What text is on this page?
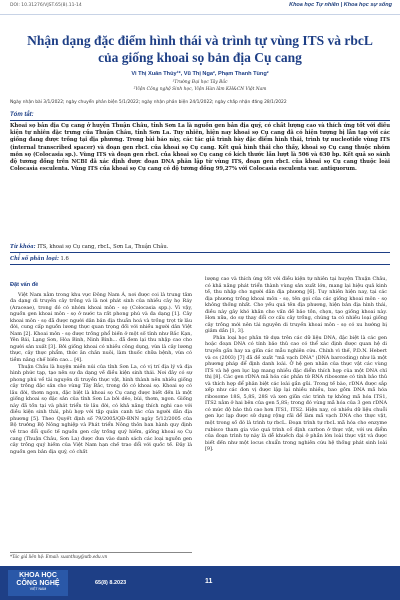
DOI: 10.31276/VJST.65(8).11-14	Khoa học Tự nhiên | Khoa học sự sống
Nhận dạng đặc điểm hình thái và trình tự vùng ITS và rbcL của giống khoai sọ bản địa Cụ cang
Vi Thị Xuân Thủy¹*, Vũ Thị Nga², Phạm Thanh Tùng²
¹Trường Đại học Tây Bắc
²Viện Công nghệ Sinh học, Viện Hàn lâm KH&CN Việt Nam
Ngày nhận bài 3/1/2022; ngày chuyển phản biện 5/1/2022; ngày nhận phản biện 24/1/2022; ngày chấp nhận đăng 28/1/2022
Tóm tắt:
Khoai sọ bản địa Cụ cang ở huyện Thuận Châu, tỉnh Sơn La là nguồn gen bản địa quý, có chất lượng cao và thích ứng tốt với điều kiện tự nhiên đặc trưng của Thuận Châu, tỉnh Sơn La. Tuy nhiên, hiện nay khoai sọ Cụ cang đã có hiện tượng bị lẫn tạp với các giống đang được trồng tại địa phương. Trong bài báo này, các tác giả trình bày đặc điểm hình thái, trình tự nucleotide vùng ITS (internal transcribed spacer) và đoạn gen rbcL của khoai sọ Cụ cang. Kết quả hình thái cho thấy, khoai sọ Cụ cang thuộc nhóm môn sọ (Colocasia sp.). Vùng ITS và đoạn gen rbcL của khoai sọ Cụ cang có kích thước lần lượt là 506 và 630 bp. Kết quả so sánh độ tương đồng trên NCBI đã xác định được đoạn DNA phân lập từ vùng ITS, đoạn gen rbcL của khoai sọ Cụ cang thuộc loài Colocasia esculenta. Vùng ITS của khoai sọ Cụ cang có độ tương đồng 99,27% với Colocasia esculenta var. antiquorum.
Từ khóa: ITS, khoai sọ Cụ cang, rbcL, Sơn La, Thuận Châu.
Chỉ số phân loại: 1.6
Đặt vấn đề

Việt Nam nằm trong khu vực Đông Nam Á, nơi được coi là trung tâm đa dạng di truyền cây trồng và là nơi phát sinh của nhiều cây họ Ráy (Araceae), trong đó có nhóm khoai môn - sọ (Colocasia spp.). Vì vậy, nguồn gen khoai môn - sọ ở nước ta rất phong phú và đa dạng [1]. Cây khoai môn - sọ đã được người dân bản địa thuần hoá và trồng trọt từ lâu đời, cung cấp nguồn lương thực quan trọng đối với nhiều người dân Việt Nam [2]. Khoai môn - sọ được trồng phổ biến ở một số tỉnh như Bắc Kạn, Yên Bái, Lạng Sơn, Hòa Bình, Ninh Bình... đã đem lại thu nhập cao cho người sản xuất [3]. Bởi giống khoai có nhiều công dụng, vừa là cây lương thực, cây thực phẩm, thức ăn chăn nuôi, làm thuốc chữa bệnh, vừa có tiềm năng chế biến cao... [4].

Thuận Châu là huyện miền núi của tỉnh Sơn La, có vị trí địa lý và địa hình phức tạp, tạo nên sự đa dạng về điều kiện sinh thái. Nơi đây có sự phong phú về tài nguyên di truyền thực vật, hình thành nên nhiều giống cây trồng đặc sản cho vùng Tây Bắc, trong đó có khoai sọ. Khoai sọ có lâu đời, thơm ngon, đặc biệt là khoai sọ Cụ cang được biết đến là một giống khoai sọ đặc sản của tỉnh Sơn La bởi dẻo, bùi, thơm, ngon. Giống này đã tồn tại và phát triển từ lâu đời, có khả năng thích nghi cao với điều kiện sinh thái, phù hợp với tập quán canh tác của người dân địa phương [5]. Theo Quyết định số 79/2005/QĐ-BNN ngày 5/12/2005 của Bộ trưởng Bộ Nông nghiệp và Phát triển Nông thôn ban hành quy định về trao đổi quốc tế nguồn gen cây trồng quý hiếm, giống khoai sọ Cụ cang (Thuận Châu, Sơn La) được đưa vào danh sách các loại nguồn gen cây trồng quý hiếm của Việt Nam hạn chế trao đổi với quốc tế. Đây là nguồn gen bản địa quý, có chất

lượng cao và thích ứng tốt với điều kiện tự nhiên tại huyện Thuận Châu, có khả năng phát triển thành vùng sản xuất lớn, mang lại hiệu quả kinh tế, thu nhập cho người dân địa phương [6]. Tuy nhiên hiện nay, tại các địa phương trồng khoai môn - sọ, tên gọi của các giống khoai môn - sọ không thống nhất. Cho yếu quá tên địa phương, hiện bản địa hình thái, điều này gây khó khăn cho vấn đề bảo tồn, chọn, tạo giống khoai này. Hơn nữa, do sự thay đổi cơ cấu cây trồng, chúng ta có nhiều loại giống cây trồng mới nên tài nguyên di truyền khoai môn - sọ có xu hướng bị giảm dần [1, 3].

Phân loại học phân tử dựa trên các dữ liệu DNA, đặc biệt là các gen hoặc đoạn DNA có tính bảo thủ cao có thể xác định được quan hệ di truyền gần hay xa giữa các mẫu nghiên cứu. Chính vì thế, P.D.N. Hebert và cs (2003) [7] đã đề xuất "mã vạch DNA" (DNA barcoding) như là một phương pháp để định danh loài. Ở hệ gen nhân của thực vật các vùng ITS và hệ gen lục lạp mang nhiều đặc điểm thích hợp của một DNA chỉ thị [8]. Các gen rDNA mã hóa các phân tử RNA ribosome có tính bảo thủ và thích hợp để phân biệt các loài gần gũi. Trong tế bào, rDNA được sắp xếp như các đơn vị được lặp lại nhiều nhiều, bao gồm DNA mã hóa ribosome 18S, 5,8S, 28S và xen giữa các trình tự không mã hóa ITS1, ITS2 nằm ở hai bên của gen 5,8S; trong đó vùng mã hóa của 3 gen rDNA có mức độ bảo thủ cao hơn ITS1, ITS2. Hiện nay, có nhiều dữ liệu chuỗi gen lục lạp được sử dụng rộng rãi để làm mã vạch DNA cho thực vật, một trong số đó là trình tự rbcL. Đoạn trình tự rbcL mã hóa cho enzyme rubisco tham gia vào quá trình cố định carbon ở thực vật, với ưu điểm của đoạn trình tự này là dễ khuếch đại ở phần lớn loài thực vật và được biết đến như một locus chuẩn trong nghiên cứu hệ thống phát sinh loài [9].

*Tác giả liên hệ: Email: xuanthuy@utb.edu.vn
KHOA HỌC CÔNG NGHỆ
VIỆT NAM
65(8) 8.2023	11
